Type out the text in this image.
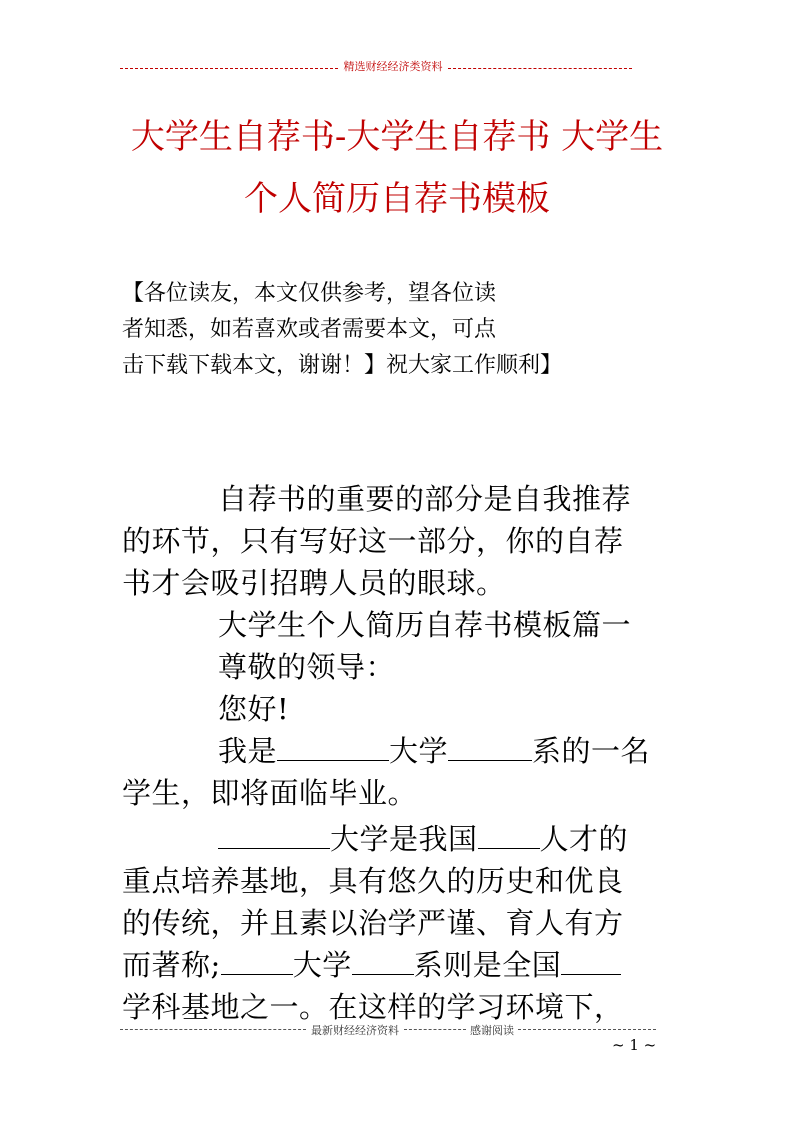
精选财经经济类资料
大学生自荐书-大学生自荐书 大学生
个人简历自荐书模板
【各位读友，本文仅供参考，望各位读
者知悉，如若喜欢或者需要本文，可点
击下载下载本文，谢谢！】祝大家工作顺利】
自荐书的重要的部分是自我推荐
的环节，只有写好这一部分，你的自荐
书才会吸引招聘人员的眼球。
大学生个人简历自荐书模板篇一
尊敬的领导：
您好!
我是	大学	系的一名
学生，即将面临毕业。
大学是我国 人才的
重点培养基地，具有悠久的历史和优良
的传统，并且素以治学严谨、育人有方
而著称; 大学 系则是全国
学科基地之一。在这样的学习环境下，
最新财经经济资料	感谢阅读
~ 1 ~
